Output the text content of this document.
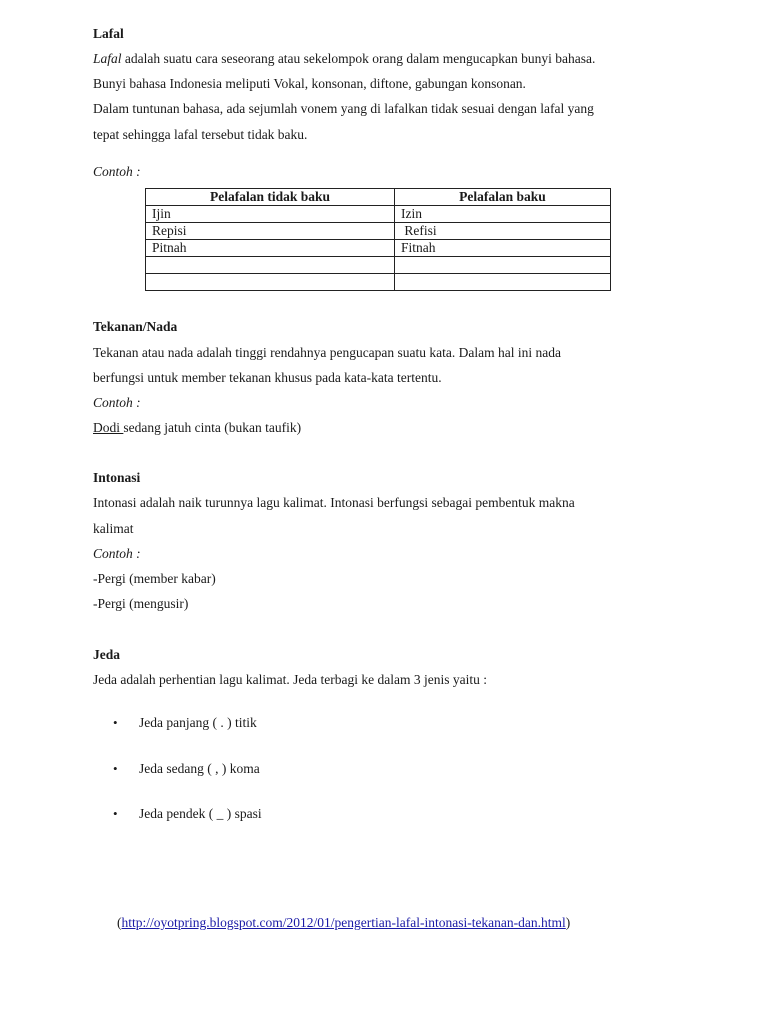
Lafal
Lafal adalah suatu cara seseorang atau sekelompok orang dalam mengucapkan bunyi bahasa.
Bunyi bahasa Indonesia meliputi Vokal, konsonan, diftone, gabungan konsonan.
Dalam tuntunan bahasa, ada sejumlah vonem yang di lafalkan tidak sesuai dengan lafal yang
tepat sehingga lafal tersebut tidak baku.
Contoh :
Pelafalan tidak baku	Pelafalan baku
Ijin	Izin
Repisi	Refisi
Pitnah	Fitnah

Tekanan/Nada
Tekanan atau nada adalah tinggi rendahnya pengucapan suatu kata. Dalam hal ini nada
berfungsi untuk member tekanan khusus pada kata-kata tertentu.
Contoh :
Dodi sedang jatuh cinta (bukan taufik)
Intonasi
Intonasi adalah naik turunnya lagu kalimat. Intonasi berfungsi sebagai pembentuk makna
kalimat
Contoh :
-Pergi (member kabar)
-Pergi (mengusir)
Jeda
Jeda adalah perhentian lagu kalimat. Jeda terbagi ke dalam 3 jenis yaitu :
•	Jeda panjang ( . ) titik
•	Jeda sedang ( , ) koma
•	Jeda pendek ( _ ) spasi
(http://oyotpring.blogspot.com/2012/01/pengertian-lafal-intonasi-tekanan-dan.html)
